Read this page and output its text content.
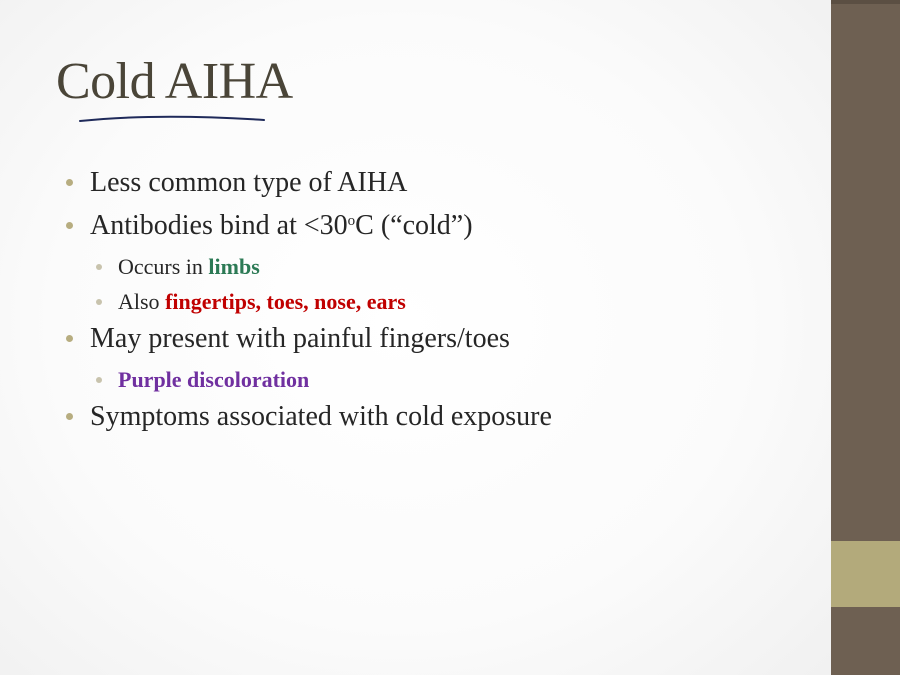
Cold AIHA
Less common type of AIHA
Antibodies bind at $<30^oC$ (“cold”)
Occurs in limbs
Also fingertips, toes, nose, ears
May present with painful fingers/toes
Purple discoloration
Symptoms associated with cold exposure
